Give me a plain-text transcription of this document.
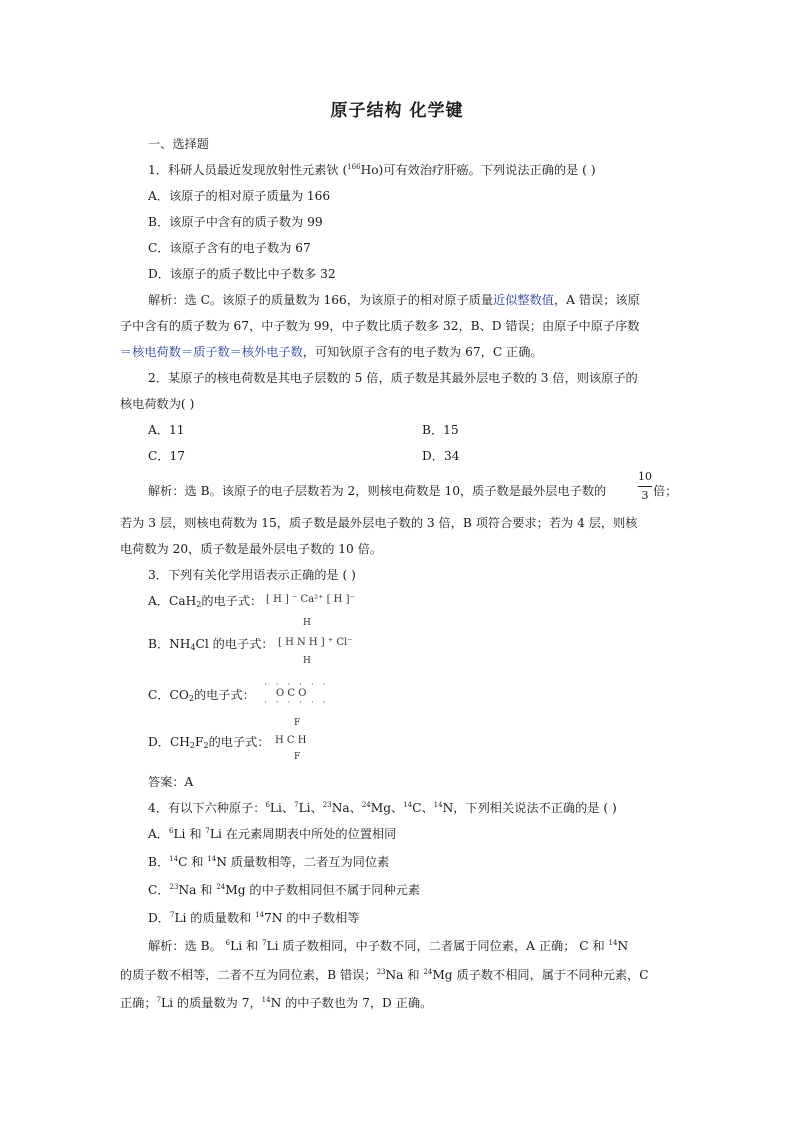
原子结构 化学键
一、选择题
1．科研人员最近发现放射性元素钬 ($^{166}$Ho)可有效治疗肝癌。下列说法正确的是 ( )
A．该原子的相对原子质量为 166
B．该原子中含有的质子数为 99
C．该原子含有的电子数为 67
D．该原子的质子数比中子数多 32
解析：选 C。该原子的质量数为 166，为该原子的相对原子质量近似整数值，A 错误；该原
子中含有的质子数为 67，中子数为 99，中子数比质子数多 32，B、D 错误；由原子中原子序数
＝核电荷数＝质子数＝核外电子数，可知钬原子含有的电子数为 67，C 正确。
2．某原子的核电荷数是其电子层数的 5 倍，质子数是其最外层电子数的 3 倍，则该原子的
核电荷数为( )
A．11	B．15
C．17	D．34
解析：选 B。该原子的电子层数若为 2，则核电荷数是 10，质子数是最外层电子数的
10
3 倍；
若为 3 层，则核电荷数为 15，质子数是最外层电子数的 3 倍，B 项符合要求；若为 4 层，则核
电荷数为 20，质子数是最外层电子数的 10 倍。
3．下列有关化学用语表示正确的是 ( )
A．CaH$_2$的电子式： [ H ] ⁻ Ca²⁺ [ H ]⁻
H
B．$NH_4Cl$ 的电子式： [ H N H ] ⁺ Cl⁻
H
· · · · · ·
C．$CO_2$的电子式： O C O
· · · · · ·
F
D．$CH_2F_2$的电子式： H C H
F
答案：A
4．有以下六种原子：$^6$Li、$^7$Li、$^{23}$Na、$^{24}$Mg、$^{14}$C、$^{14}$N，下列相关说法不正确的是 ( )
A．$^6$Li 和 $^7$Li 在元素周期表中所处的位置相同
B．$^{14}$C 和 $^{14}$N 质量数相等，二者互为同位素
C．$^{23}$Na 和 $^{24}$Mg 的中子数相同但不属于同种元素
D．$^7$Li 的质量数和 $^{14}$7N 的中子数相等
解析：选 B。 $^6$Li 和 $^7$Li 质子数相同，中子数不同，二者属于同位素，A 正确； C 和 $^{14}$N
的质子数不相等，二者不互为同位素，B 错误；$^{23}$Na 和 $^{24}$Mg 质子数不相同，属于不同种元素，C
正确；$^7$Li 的质量数为 7，$^{14}$N 的中子数也为 7，D 正确。
